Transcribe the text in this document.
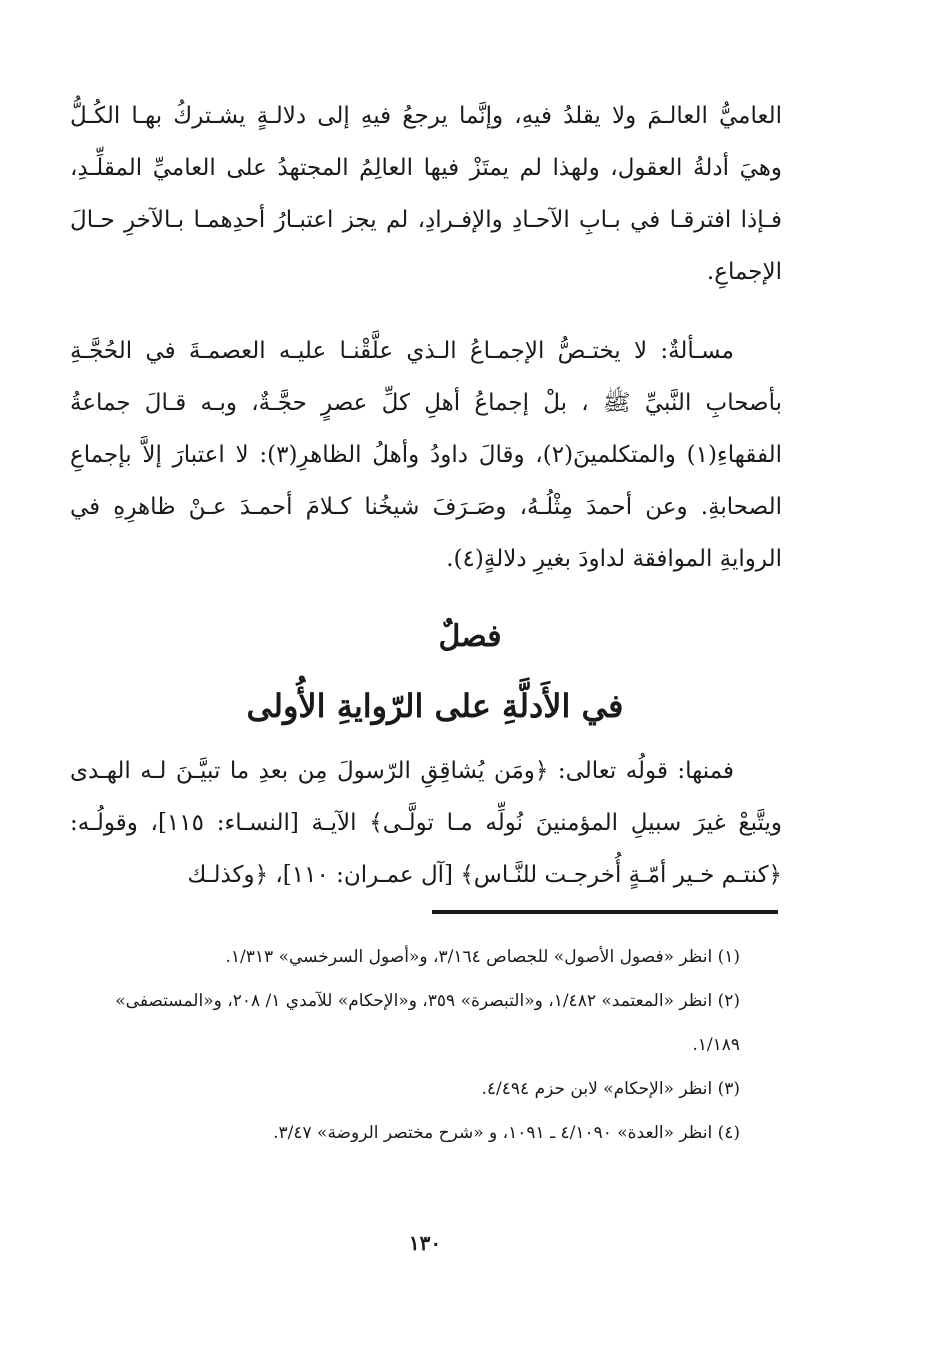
العاميُّ العالـمَ ولا يقلدُ فيهِ، وإنَّما يرجعُ فيهِ إلى دلالـةٍ يشـتركُ بهـا الكُـلُّ وهيَ أدلةُ العقول، ولهذا لم يمتَزْ فيها العالِمُ المجتهدُ على العاميِّ المقلِّـدِ، فـإذا افترقـا في بـابِ الآحـادِ والإفـرادِ، لم يجز اعتبـارُ أحدِهمـا بـالآخرِ حـالَ الإجماعِ.

مسـألةٌ: لا يختـصُّ الإجمـاعُ الـذي علَّقْنـا عليـه العصمـةَ في الحُجَّـةِ بأصحابِ النَّبيِّ ﷺ ، بلْ إجماعُ أهلِ كلِّ عصرٍ حجَّـةٌ، وبـه قـالَ جماعةُ الفقهاءِ(١) والمتكلمينَ(٢)، وقالَ داودُ وأهلُ الظاهرِ(٣): لا اعتبارَ إلاَّ بإجماعِ الصحابةِ. وعن أحمدَ مِثْلُـهُ، وصَـرَفَ شيخُنا كـلامَ أحمـدَ عـنْ ظاهرِهِ في الروايةِ الموافقة لداودَ بغيرِ دلالةٍ(٤).

فصلٌ
في الأَدلَّةِ على الرّوايةِ الأُولى

فمنها: قولُه تعالى: ﴿ومَن يُشاقِقِ الرّسولَ مِن بعدِ ما تبيَّـنَ لـه الهـدى ويتَّبعْ غيرَ سبيلِ المؤمنينَ نُولِّه مـا تولَّـى﴾ الآيـة [النسـاء: ١١٥]، وقولُـه: ﴿كنتـم خـير أمّـةٍ أُخرجـت للنَّـاس﴾ [آل عمـران: ١١٠]، ﴿وكذلـك

(١) انظر «فصول الأصول» للجصاص ٣/١٦٤، و«أصول السرخسي» ١/٣١٣.

(٢) انظر «المعتمد» ١/٤٨٢، و«التبصرة» ٣٥٩، و«الإحكام» للآمدي ١/ ٢٠٨، و«المستصفى» ١/١٨٩.

(٣) انظر «الإحكام» لابن حزم ٤/٤٩٤.

(٤) انظر «العدة» ٤/١٠٩٠ ـ ١٠٩١، و «شرح مختصر الروضة» ٣/٤٧.

١٣٠
